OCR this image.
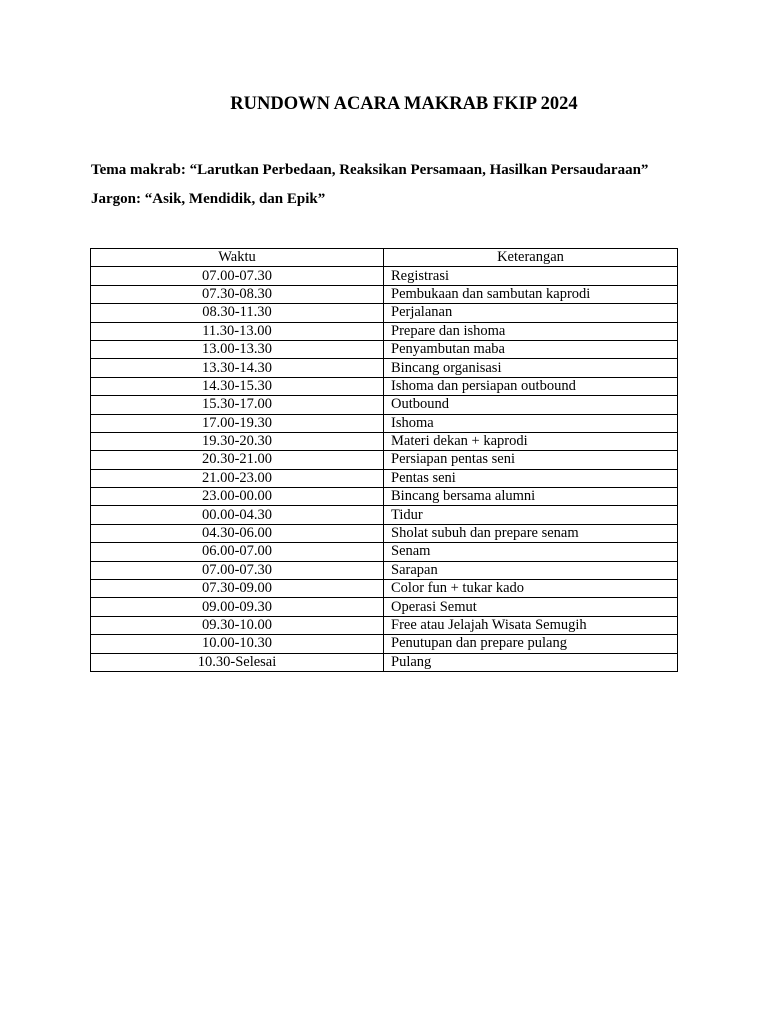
RUNDOWN ACARA MAKRAB FKIP 2024

Tema makrab: “Larutkan Perbedaan, Reaksikan Persamaan, Hasilkan Persaudaraan”

Jargon: “Asik, Mendidik, dan Epik”

Waktu	Keterangan
07.00-07.30	Registrasi
07.30-08.30	Pembukaan dan sambutan kaprodi
08.30-11.30	Perjalanan
11.30-13.00	Prepare dan ishoma
13.00-13.30	Penyambutan maba
13.30-14.30	Bincang organisasi
14.30-15.30	Ishoma dan persiapan outbound
15.30-17.00	Outbound
17.00-19.30	Ishoma
19.30-20.30	Materi dekan + kaprodi
20.30-21.00	Persiapan pentas seni
21.00-23.00	Pentas seni
23.00-00.00	Bincang bersama alumni
00.00-04.30	Tidur
04.30-06.00	Sholat subuh dan prepare senam
06.00-07.00	Senam
07.00-07.30	Sarapan
07.30-09.00	Color fun + tukar kado
09.00-09.30	Operasi Semut
09.30-10.00	Free atau Jelajah Wisata Semugih
10.00-10.30	Penutupan dan prepare pulang
10.30-Selesai	Pulang
